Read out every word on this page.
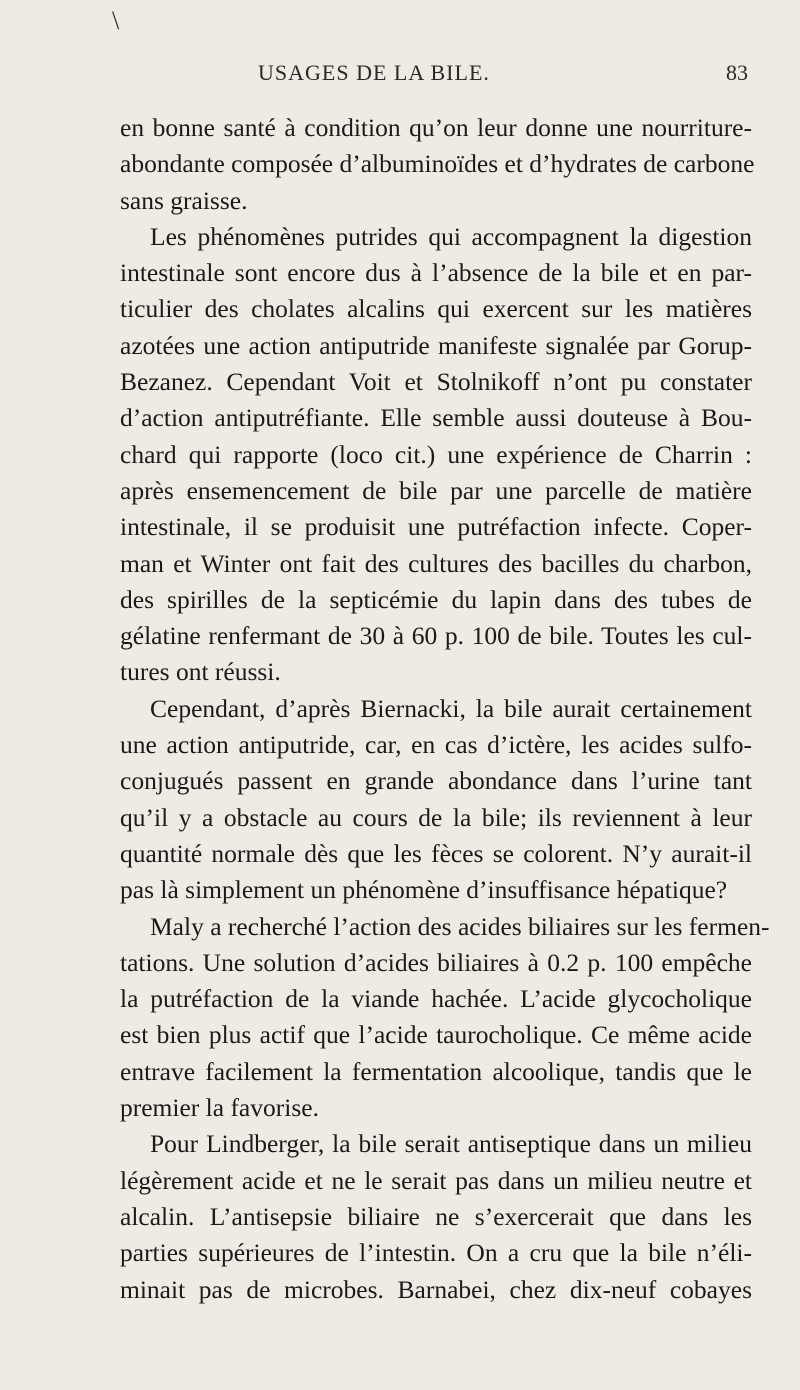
\
USAGES DE LA BILE.	83
en bonne santé à condition qu’on leur donne une nourriture-
abondante composée d’albuminoïdes et d’hydrates de carbone
sans graisse.
Les phénomènes putrides qui accompagnent la digestion
intestinale sont encore dus à l’absence de la bile et en par-
ticulier des cholates alcalins qui exercent sur les matières
azotées une action antiputride manifeste signalée par Gorup-
Bezanez. Cependant Voit et Stolnikoff n’ont pu constater
d’action antiputréfiante. Elle semble aussi douteuse à Bou-
chard qui rapporte (loco cit.) une expérience de Charrin :
après ensemencement de bile par une parcelle de matière
intestinale, il se produisit une putréfaction infecte. Coper-
man et Winter ont fait des cultures des bacilles du charbon,
des spirilles de la septicémie du lapin dans des tubes de
gélatine renfermant de 30 à 60 p. 100 de bile. Toutes les cul-
tures ont réussi.
Cependant, d’après Biernacki, la bile aurait certainement
une action antiputride, car, en cas d’ictère, les acides sulfo-
conjugués passent en grande abondance dans l’urine tant
qu’il y a obstacle au cours de la bile; ils reviennent à leur
quantité normale dès que les fèces se colorent. N’y aurait-il
pas là simplement un phénomène d’insuffisance hépatique?
Maly a recherché l’action des acides biliaires sur les fermen-
tations. Une solution d’acides biliaires à 0.2 p. 100 empêche
la putréfaction de la viande hachée. L’acide glycocholique
est bien plus actif que l’acide taurocholique. Ce même acide
entrave facilement la fermentation alcoolique, tandis que le
premier la favorise.
Pour Lindberger, la bile serait antiseptique dans un milieu
légèrement acide et ne le serait pas dans un milieu neutre et
alcalin. L’antisepsie biliaire ne s’exercerait que dans les
parties supérieures de l’intestin. On a cru que la bile n’éli-
minait pas de microbes. Barnabei, chez dix-neuf cobayes
